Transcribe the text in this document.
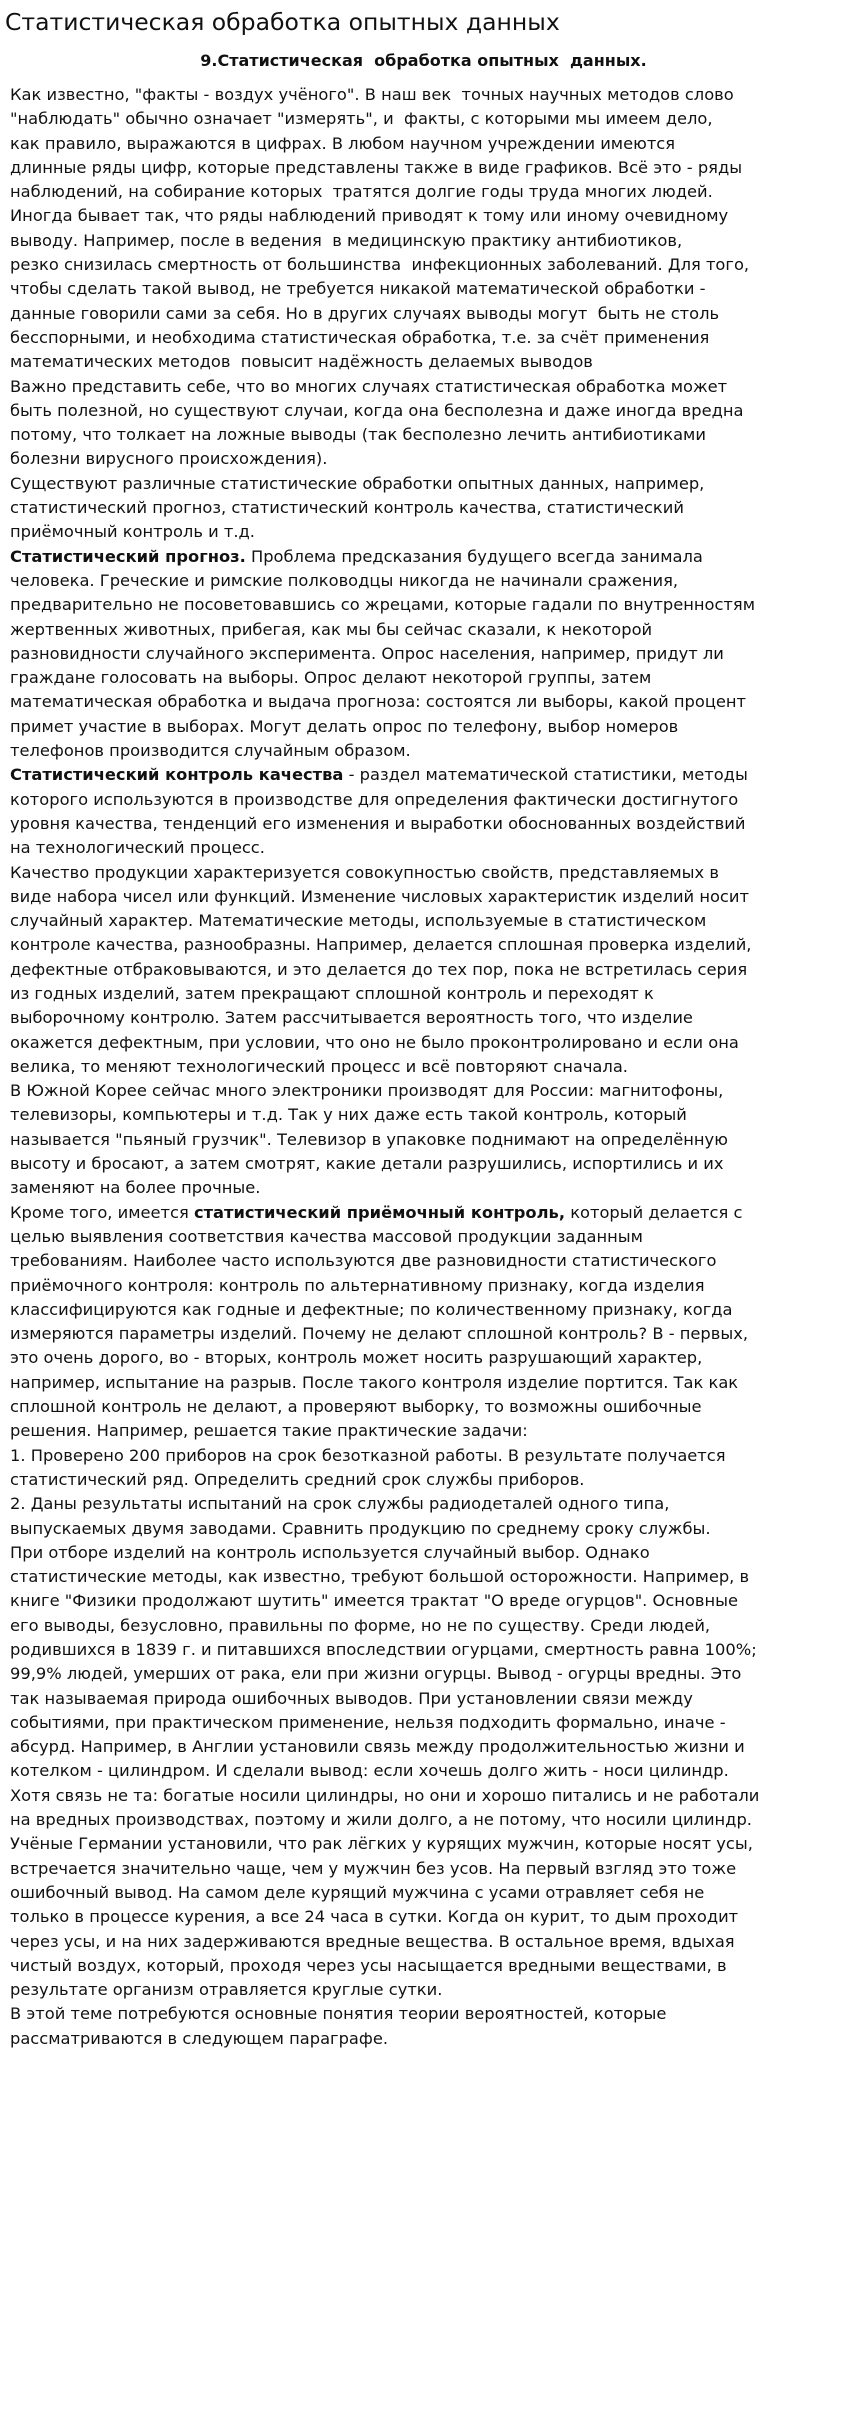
Статистическая обработка опытных данных
9.Статистическая  обработка опытных  данных.
Как известно, "факты - воздух учёного". В наш век  точных научных методов слово
"наблюдать" обычно означает "измерять", и  факты, с которыми мы имеем дело,
как правило, выражаются в цифрах. В любом научном учреждении имеются
длинные ряды цифр, которые представлены также в виде графиков. Всё это - ряды
наблюдений, на собирание которых  тратятся долгие годы труда многих людей.
Иногда бывает так, что ряды наблюдений приводят к тому или иному очевидному
выводу. Например, после в ведения  в медицинскую практику антибиотиков,
резко снизилась смертность от большинства  инфекционных заболеваний. Для того,
чтобы сделать такой вывод, не требуется никакой математической обработки -
данные говорили сами за себя. Но в других случаях выводы могут  быть не столь
бесспорными, и необходима статистическая обработка, т.е. за счёт применения
математических методов  повысит надёжность делаемых выводов
Важно представить себе, что во многих случаях статистическая обработка может
быть полезной, но существуют случаи, когда она бесполезна и даже иногда вредна
потому, что толкает на ложные выводы (так бесполезно лечить антибиотиками
болезни вирусного происхождения).
Существуют различные статистические обработки опытных данных, например,
статистический прогноз, статистический контроль качества, статистический
приёмочный контроль и т.д.
Статистический прогноз. Проблема предсказания будущего всегда занимала
человека. Греческие и римские полководцы никогда не начинали сражения,
предварительно не посоветовавшись со жрецами, которые гадали по внутренностям
жертвенных животных, прибегая, как мы бы сейчас сказали, к некоторой
разновидности случайного эксперимента. Опрос населения, например, придут ли
граждане голосовать на выборы. Опрос делают некоторой группы, затем
математическая обработка и выдача прогноза: состоятся ли выборы, какой процент
примет участие в выборах. Могут делать опрос по телефону, выбор номеров
телефонов производится случайным образом.
Статистический контроль качества - раздел математической статистики, методы
которого используются в производстве для определения фактически достигнутого
уровня качества, тенденций его изменения и выработки обоснованных воздействий
на технологический процесс.
Качество продукции характеризуется совокупностью свойств, представляемых в
виде набора чисел или функций. Изменение числовых характеристик изделий носит
случайный характер. Математические методы, используемые в статистическом
контроле качества, разнообразны. Например, делается сплошная проверка изделий,
дефектные отбраковываются, и это делается до тех пор, пока не встретилась серия
из годных изделий, затем прекращают сплошной контроль и переходят к
выборочному контролю. Затем рассчитывается вероятность того, что изделие
окажется дефектным, при условии, что оно не было проконтролировано и если она
велика, то меняют технологический процесс и всё повторяют сначала.
В Южной Корее сейчас много электроники производят для России: магнитофоны,
телевизоры, компьютеры и т.д. Так у них даже есть такой контроль, который
называется "пьяный грузчик". Телевизор в упаковке поднимают на определённую
высоту и бросают, а затем смотрят, какие детали разрушились, испортились и их
заменяют на более прочные.
Кроме того, имеется статистический приёмочный контроль, который делается с
целью выявления соответствия качества массовой продукции заданным
требованиям. Наиболее часто используются две разновидности статистического
приёмочного контроля: контроль по альтернативному признаку, когда изделия
классифицируются как годные и дефектные; по количественному признаку, когда
измеряются параметры изделий. Почему не делают сплошной контроль? В - первых,
это очень дорого, во - вторых, контроль может носить разрушающий характер,
например, испытание на разрыв. После такого контроля изделие портится. Так как
сплошной контроль не делают, а проверяют выборку, то возможны ошибочные
решения. Например, решается такие практические задачи:
1. Проверено 200 приборов на срок безотказной работы. В результате получается
статистический ряд. Определить средний срок службы приборов.
2. Даны результаты испытаний на срок службы радиодеталей одного типа,
выпускаемых двумя заводами. Сравнить продукцию по среднему сроку службы.
При отборе изделий на контроль используется случайный выбор. Однако
статистические методы, как известно, требуют большой осторожности. Например, в
книге "Физики продолжают шутить" имеется трактат "О вреде огурцов". Основные
его выводы, безусловно, правильны по форме, но не по существу. Среди людей,
родившихся в 1839 г. и питавшихся впоследствии огурцами, смертность равна 100%;
99,9% людей, умерших от рака, ели при жизни огурцы. Вывод - огурцы вредны. Это
так называемая природа ошибочных выводов. При установлении связи между
событиями, при практическом применение, нельзя подходить формально, иначе -
абсурд. Например, в Англии установили связь между продолжительностью жизни и
котелком - цилиндром. И сделали вывод: если хочешь долго жить - носи цилиндр.
Хотя связь не та: богатые носили цилиндры, но они и хорошо питались и не работали
на вредных производствах, поэтому и жили долго, а не потому, что носили цилиндр.
Учёные Германии установили, что рак лёгких у курящих мужчин, которые носят усы,
встречается значительно чаще, чем у мужчин без усов. На первый взгляд это тоже
ошибочный вывод. На самом деле курящий мужчина с усами отравляет себя не
только в процессе курения, а все 24 часа в сутки. Когда он курит, то дым проходит
через усы, и на них задерживаются вредные вещества. В остальное время, вдыхая
чистый воздух, который, проходя через усы насыщается вредными веществами, в
результате организм отравляется круглые сутки.
В этой теме потребуются основные понятия теории вероятностей, которые
рассматриваются в следующем параграфе.
